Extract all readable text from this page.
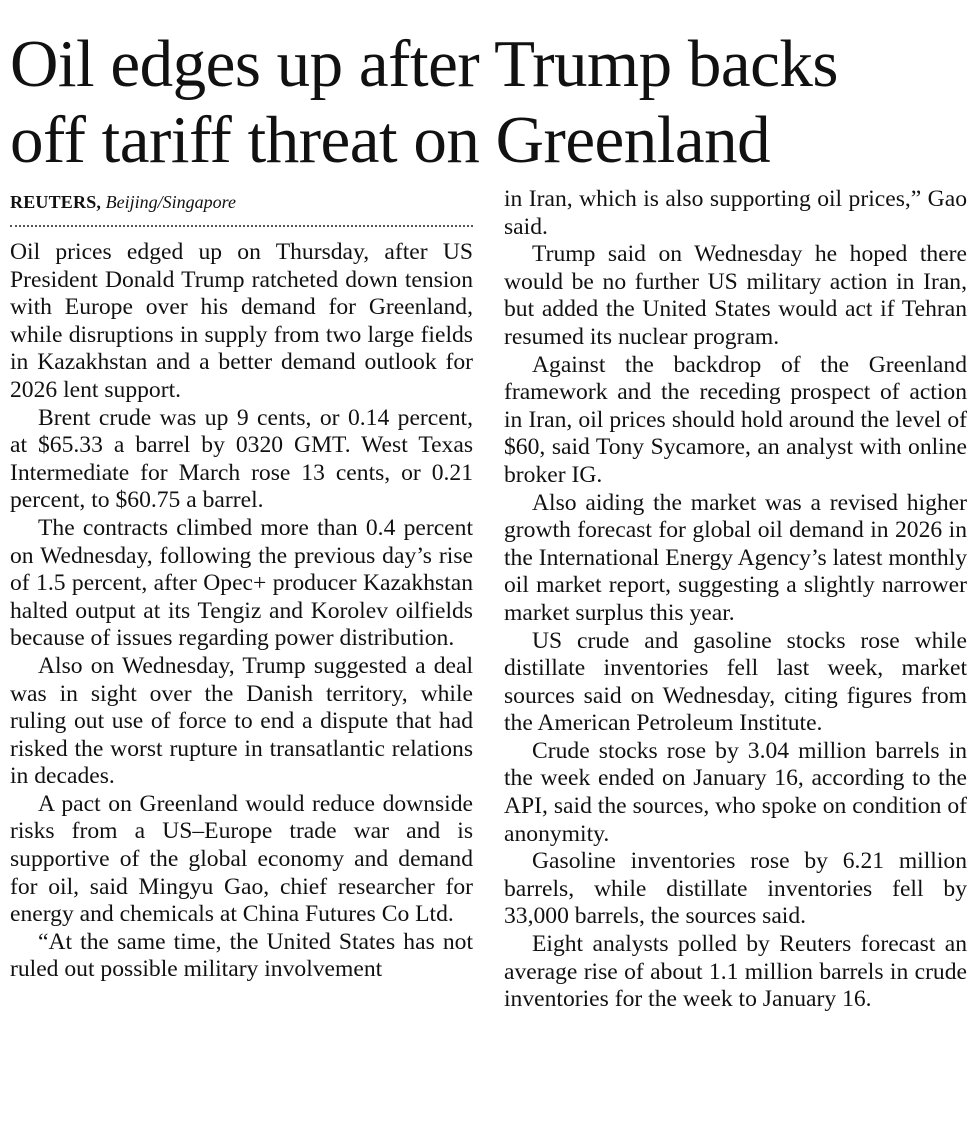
Oil edges up after Trump backs
off tariff threat on Greenland
REUTERS, Beijing/Singapore

Oil prices edged up on Thursday, after US President Donald Trump ratcheted down tension with Europe over his demand for Greenland, while disruptions in supply from two large fields in Kazakhstan and a better demand outlook for 2026 lent support.

Brent crude was up 9 cents, or 0.14 percent, at $65.33 a barrel by 0320 GMT. West Texas Intermediate for March rose 13 cents, or 0.21 percent, to $60.75 a barrel.

The contracts climbed more than 0.4 percent on Wednesday, following the previous day’s rise of 1.5 percent, after Opec+ producer Kazakhstan halted output at its Tengiz and Korolev oilfields because of issues regarding power distribution.

Also on Wednesday, Trump suggested a deal was in sight over the Danish territory, while ruling out use of force to end a dispute that had risked the worst rupture in transatlantic relations in decades.

A pact on Greenland would reduce downside risks from a US–Europe trade war and is supportive of the global economy and demand for oil, said Mingyu Gao, chief researcher for energy and chemicals at China Futures Co Ltd.

“At the same time, the United States has not ruled out possible military involvement

in Iran, which is also supporting oil prices,” Gao said.

Trump said on Wednesday he hoped there would be no further US military action in Iran, but added the United States would act if Tehran resumed its nuclear program.

Against the backdrop of the Greenland framework and the receding prospect of action in Iran, oil prices should hold around the level of $60, said Tony Sycamore, an analyst with online broker IG.

Also aiding the market was a revised higher growth forecast for global oil demand in 2026 in the International Energy Agency’s latest monthly oil market report, suggesting a slightly narrower market surplus this year.

US crude and gasoline stocks rose while distillate inventories fell last week, market sources said on Wednesday, citing figures from the American Petroleum Institute.

Crude stocks rose by 3.04 million barrels in the week ended on January 16, according to the API, said the sources, who spoke on condition of anonymity.

Gasoline inventories rose by 6.21 million barrels, while distillate inventories fell by 33,000 barrels, the sources said.

Eight analysts polled by Reuters forecast an average rise of about 1.1 million barrels in crude inventories for the week to January 16.
